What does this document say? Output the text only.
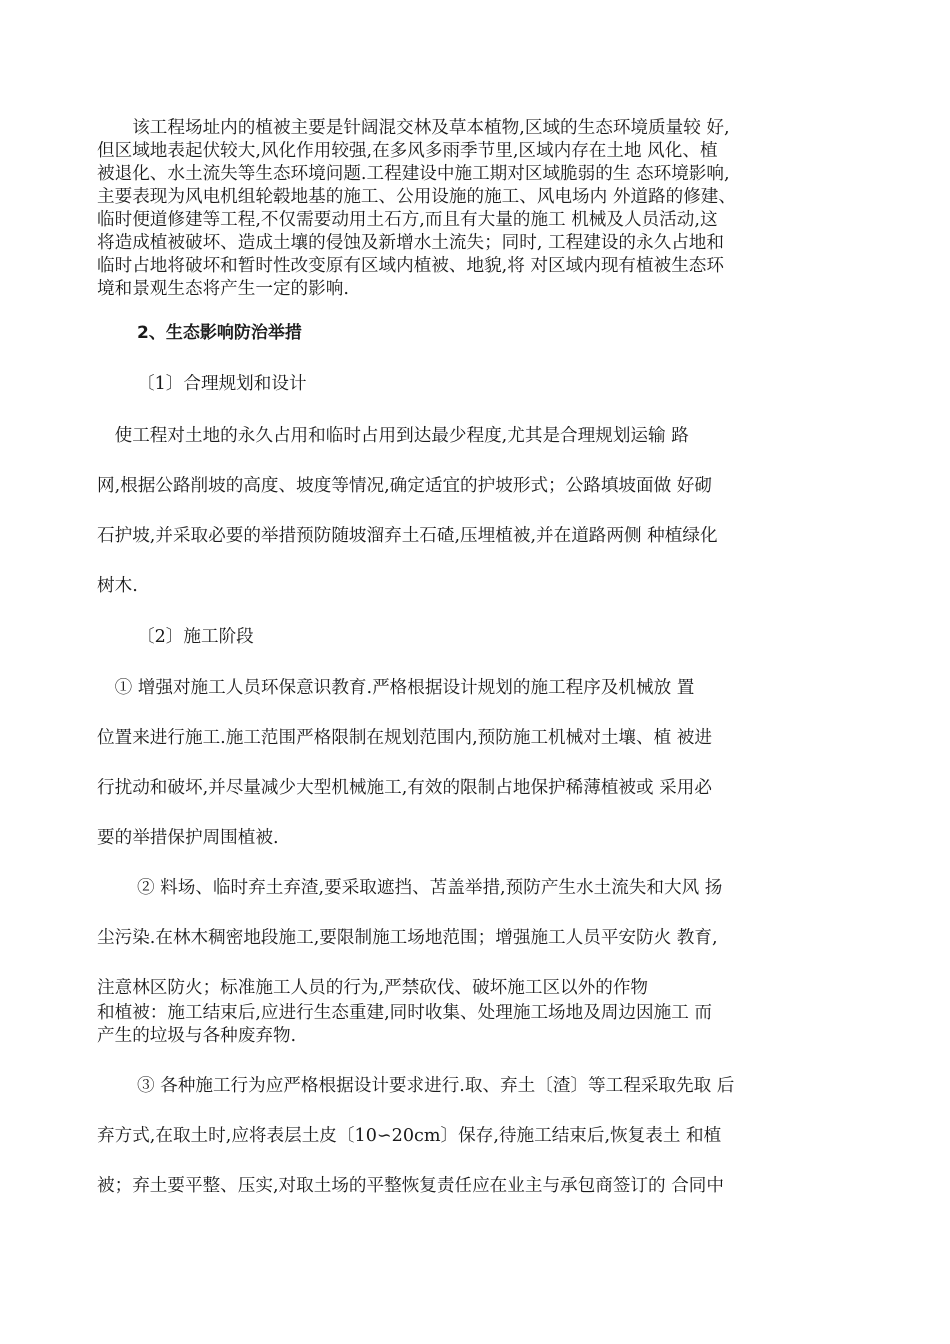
　　该工程场址内的植被主要是针阔混交林及草本植物,区域的生态环境质量较 好,
但区域地表起伏较大,风化作用较强,在多风多雨季节里,区域内存在土地 风化、植
被退化、水土流失等生态环境问题.工程建设中施工期对区域脆弱的生 态环境影响,
主要表现为风电机组轮毂地基的施工、公用设施的施工、风电场内 外道路的修建、
临时便道修建等工程,不仅需要动用土石方,而且有大量的施工 机械及人员活动,这
将造成植被破坏、造成土壤的侵蚀及新增水土流失；同时, 工程建设的永久占地和
临时占地将破坏和暂时性改变原有区域内植被、地貌,将 对区域内现有植被生态环
境和景观生态将产生一定的影响.
2、生态影响防治举措
〔1〕合理规划和设计
　使工程对土地的永久占用和临时占用到达最少程度,尤其是合理规划运输 路
网,根据公路削坡的高度、坡度等情况,确定适宜的护坡形式；公路填坡面做 好砌
石护坡,并采取必要的举措预防随坡溜弃土石碴,压埋植被,并在道路两侧 种植绿化
树木.
〔2〕施工阶段
　① 增强对施工人员环保意识教育.严格根据设计规划的施工程序及机械放 置
位置来进行施工.施工范围严格限制在规划范围内,预防施工机械对土壤、植 被进
行扰动和破坏,并尽量减少大型机械施工,有效的限制占地保护稀薄植被或 采用必
要的举措保护周围植被.
② 料场、临时弃土弃渣,要采取遮挡、苫盖举措,预防产生水土流失和大风 扬
尘污染.在林木稠密地段施工,要限制施工场地范围；增强施工人员平安防火 教育,
注意林区防火；标准施工人员的行为,严禁砍伐、破坏施工区以外的作物
和植被：施工结束后,应进行生态重建,同时收集、处理施工场地及周边因施工 而
产生的垃圾与各种废弃物.
③ 各种施工行为应严格根据设计要求进行.取、弃土〔渣〕等工程采取先取 后
弃方式,在取土时,应将表层土皮〔10∽20cm〕保存,待施工结束后,恢复表土 和植
被；弃土要平整、压实,对取土场的平整恢复责任应在业主与承包商签订的 合同中
